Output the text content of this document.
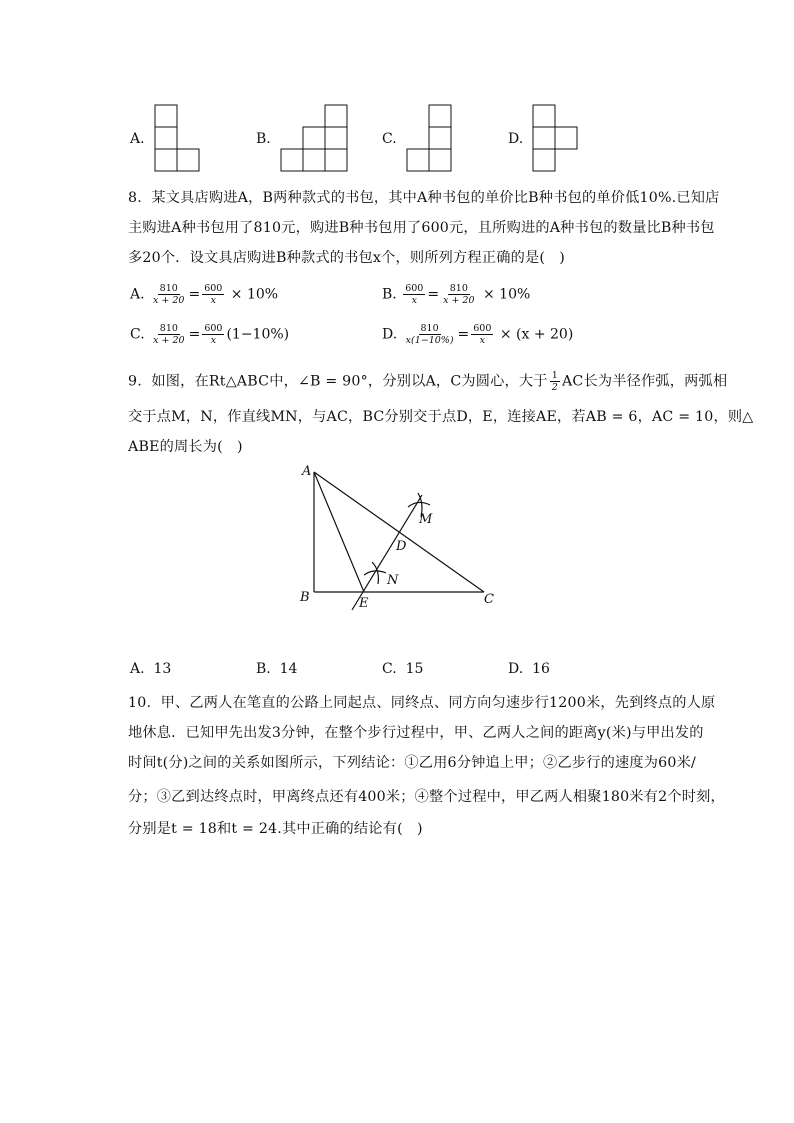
A.	B.	C.	D.
8.  某文具店购进A，B两种款式的书包，其中A种书包的单价比B种书包的单价低10%.已知店
主购进A种书包用了810元，购进B种书包用了600元，且所购进的A种书包的数量比B种书包
多20个．设文具店购进B种款式的书包x个，则所列方程正确的是(   )
A. $\frac{810}{x + 20} = \frac{600}{x} \times 10\%$	B. $\frac{600}{x} = \frac{810}{x + 20} \times 10\%$
C. $\frac{810}{x + 20} = \frac{600}{x} (1-10\%)$	D. $\frac{810}{x(1-10\%)} = \frac{600}{x} \times (x + 20)$
9.  如图，在Rt△ABC中，∠B = 90°，分别以A，C为圆心，大于 $\frac{1}{2}$ AC长为半径作弧，两弧相
交于点M，N，作直线MN，与AC，BC分别交于点D，E，连接AE，若AB = 6，AC = 10，则△
ABE的周长为(   )
A
B	C
D
E
M
N
A.  13	B.  14	C.  15	D.  16
10.  甲、乙两人在笔直的公路上同起点、同终点、同方向匀速步行1200米，先到终点的人原
地休息．已知甲先出发3分钟，在整个步行过程中，甲、乙两人之间的距离y(米)与甲出发的
时间t(分)之间的关系如图所示，下列结论：①乙用6分钟追上甲；②乙步行的速度为60米/
分；③乙到达终点时，甲离终点还有400米；④整个过程中，甲乙两人相聚180米有2个时刻，
分别是t = 18和t = 24.其中正确的结论有(   )
